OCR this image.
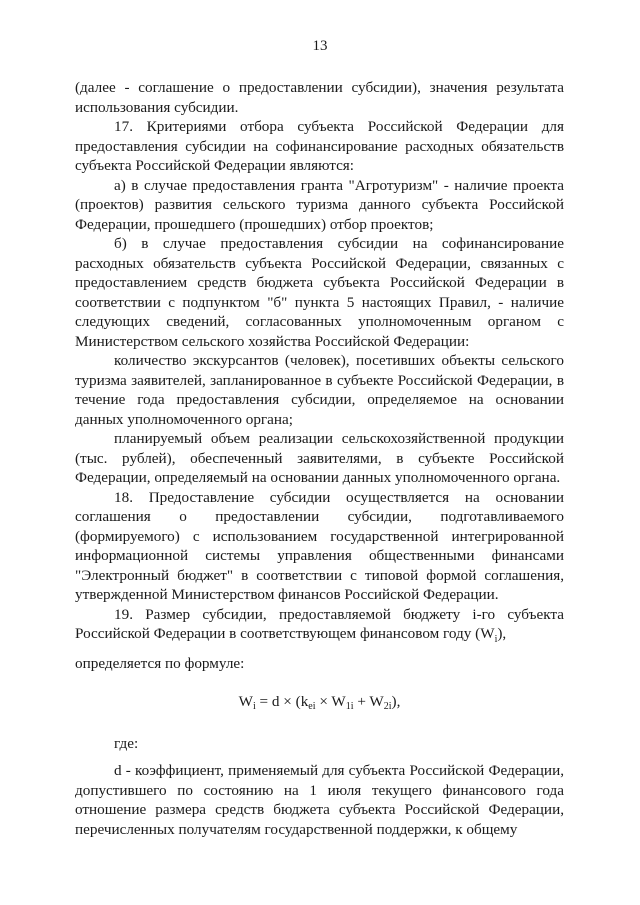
13

(далее - соглашение о предоставлении субсидии), значения результата использования субсидии.

17. Критериями отбора субъекта Российской Федерации для предоставления субсидии на софинансирование расходных обязательств субъекта Российской Федерации являются:

а) в случае предоставления гранта "Агротуризм" - наличие проекта (проектов) развития сельского туризма данного субъекта Российской Федерации, прошедшего (прошедших) отбор проектов;

б) в случае предоставления субсидии на софинансирование расходных обязательств субъекта Российской Федерации, связанных с предоставлением средств бюджета субъекта Российской Федерации в соответствии с подпунктом "б" пункта 5 настоящих Правил, - наличие следующих сведений, согласованных уполномоченным органом с Министерством сельского хозяйства Российской Федерации:

количество экскурсантов (человек), посетивших объекты сельского туризма заявителей, запланированное в субъекте Российской Федерации, в течение года предоставления субсидии, определяемое на основании данных уполномоченного органа;

планируемый объем реализации сельскохозяйственной продукции (тыс. рублей), обеспеченный заявителями, в субъекте Российской Федерации, определяемый на основании данных уполномоченного органа.

18. Предоставление субсидии осуществляется на основании соглашения о предоставлении субсидии, подготавливаемого (формируемого) с использованием государственной интегрированной информационной системы управления общественными финансами "Электронный бюджет" в соответствии с типовой формой соглашения, утвержденной Министерством финансов Российской Федерации.

19. Размер субсидии, предоставляемой бюджету i-го субъекта Российской Федерации в соответствующем финансовом году $(W_i)$,

определяется по формуле:

$W_i = d \times (k_{ei} \times W_{1i} + W_{2i})$,

где:

d - коэффициент, применяемый для субъекта Российской Федерации, допустившего по состоянию на 1 июля текущего финансового года отношение размера средств бюджета субъекта Российской Федерации, перечисленных получателям государственной поддержки, к общему
